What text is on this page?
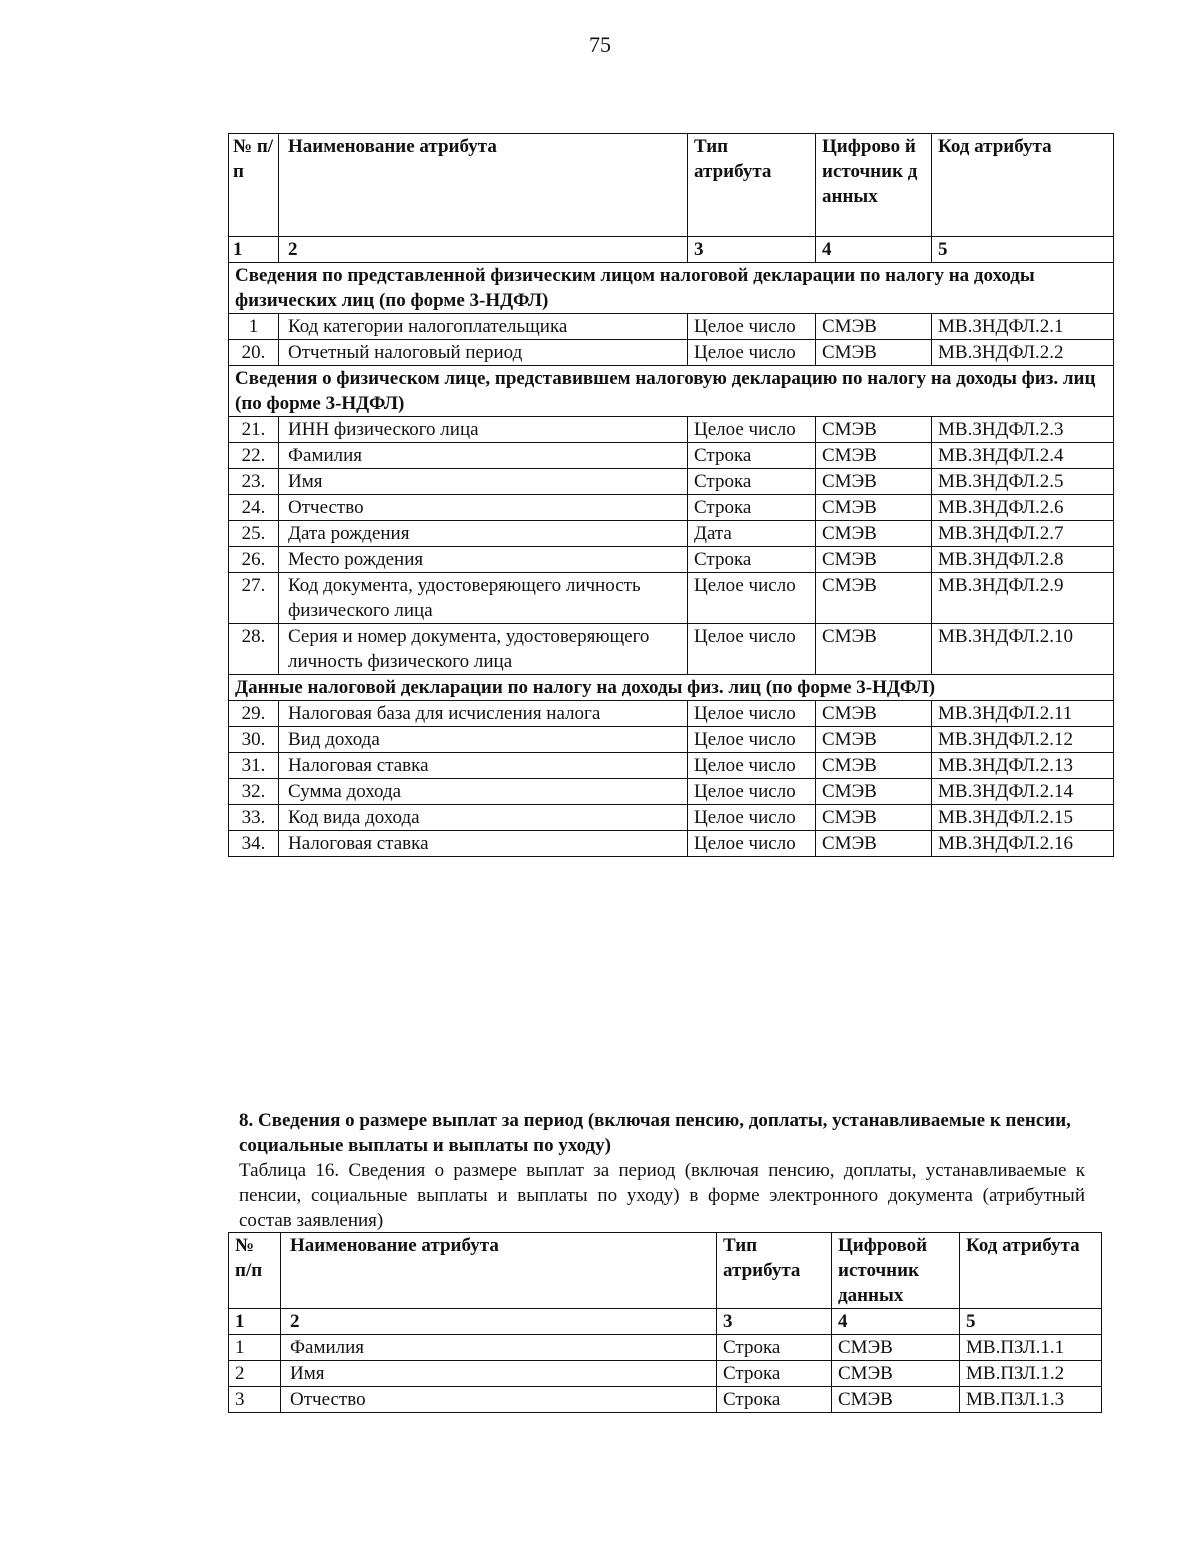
75
№ п/п	Наименование атрибута	Тип атрибута	Цифрово й источник данных	Код атрибута
1	2	3	4	5
Сведения по представленной физическим лицом налоговой декларации по налогу на доходы физических лиц (по форме 3-НДФЛ)				
1	Код категории налогоплательщика	Целое число	СМЭВ	МВ.ЗНДФЛ.2.1
20.	Отчетный налоговый период	Целое число	СМЭВ	МВ.ЗНДФЛ.2.2
Сведения о физическом лице, представившем налоговую декларацию по налогу на доходы физ. лиц (по форме 3-НДФЛ)				
21.	ИНН физического лица	Целое число	СМЭВ	МВ.ЗНДФЛ.2.3
22.	Фамилия	Строка	СМЭВ	МВ.ЗНДФЛ.2.4
23.	Имя	Строка	СМЭВ	МВ.ЗНДФЛ.2.5
24.	Отчество	Строка	СМЭВ	МВ.ЗНДФЛ.2.6
25.	Дата рождения	Дата	СМЭВ	МВ.ЗНДФЛ.2.7
26.	Место рождения	Строка	СМЭВ	МВ.ЗНДФЛ.2.8
27.	Код документа, удостоверяющего личность физического лица	Целое число	СМЭВ	МВ.ЗНДФЛ.2.9
28.	Серия и номер документа, удостоверяющего личность физического лица	Целое число	СМЭВ	МВ.ЗНДФЛ.2.10
Данные налоговой декларации по налогу на доходы физ. лиц (по форме 3-НДФЛ)				
29.	Налоговая база для исчисления налога	Целое число	СМЭВ	МВ.ЗНДФЛ.2.11
30.	Вид дохода	Целое число	СМЭВ	МВ.ЗНДФЛ.2.12
31.	Налоговая ставка	Целое число	СМЭВ	МВ.ЗНДФЛ.2.13
32.	Сумма дохода	Целое число	СМЭВ	МВ.ЗНДФЛ.2.14
33.	Код вида дохода	Целое число	СМЭВ	МВ.ЗНДФЛ.2.15
34.	Налоговая ставка	Целое число	СМЭВ	МВ.ЗНДФЛ.2.16

8. Сведения о размере выплат за период (включая пенсию, доплаты, устанавливаемые к пенсии, социальные выплаты и выплаты по уходу)

Таблица 16. Сведения о размере выплат за период (включая пенсию, доплаты, устанавливаемые к пенсии, социальные выплаты и выплаты по уходу) в форме электронного документа (атрибутный состав заявления)

№ п/п	Наименование атрибута	Тип атрибута	Цифровой источник данных	Код атрибута
1	2	3	4	5
1	Фамилия	Строка	СМЭВ	МВ.ПЗЛ.1.1
2	Имя	Строка	СМЭВ	МВ.ПЗЛ.1.2
3	Отчество	Строка	СМЭВ	МВ.ПЗЛ.1.3
